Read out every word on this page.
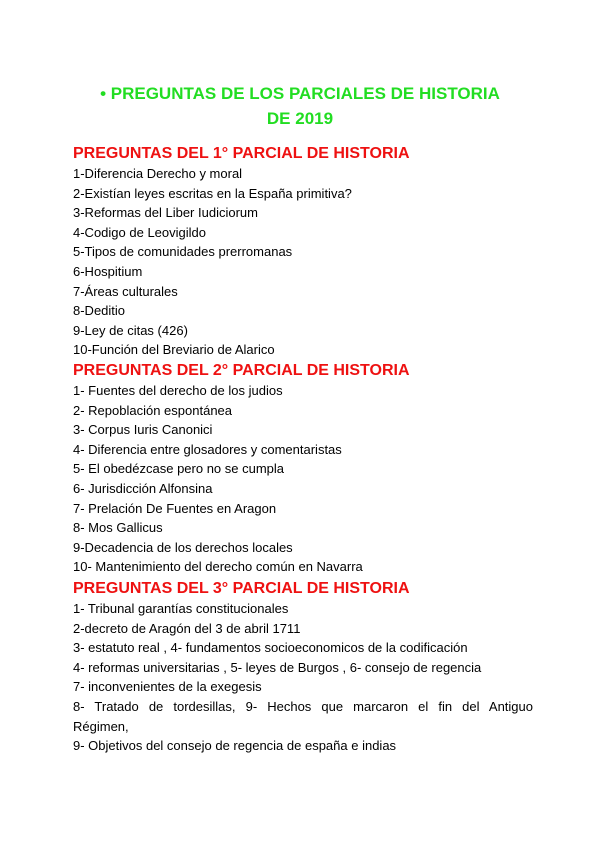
• PREGUNTAS DE LOS PARCIALES DE HISTORIA
DE 2019
PREGUNTAS DEL 1° PARCIAL DE HISTORIA
1-Diferencia Derecho y moral
2-Existían leyes escritas en la España primitiva?
3-Reformas del Liber Iudiciorum
4-Codigo de Leovigildo
5-Tipos de comunidades prerromanas
6-Hospitium
7-Áreas culturales
8-Deditio
9-Ley de citas (426)
10-Función del Breviario de Alarico
PREGUNTAS DEL 2° PARCIAL DE HISTORIA
1- Fuentes del derecho de los judios
2- Repoblación espontánea
3- Corpus Iuris Canonici
4- Diferencia entre glosadores y comentaristas
5- El obedézcase pero no se cumpla
6- Jurisdicción Alfonsina
7- Prelación De Fuentes en Aragon
8- Mos Gallicus
9-Decadencia de los derechos locales
10- Mantenimiento del derecho común en Navarra
PREGUNTAS DEL 3° PARCIAL DE HISTORIA
1- Tribunal garantías constitucionales
2-decreto de Aragón del 3 de abril 1711
3- estatuto real , 4- fundamentos socioeconomicos de la codificación
4- reformas universitarias , 5- leyes de Burgos , 6- consejo de regencia
7- inconvenientes de la exegesis
8- Tratado de tordesillas, 9- Hechos que marcaron el fin del Antiguo Régimen,
9- Objetivos del consejo de regencia de españa e indias
